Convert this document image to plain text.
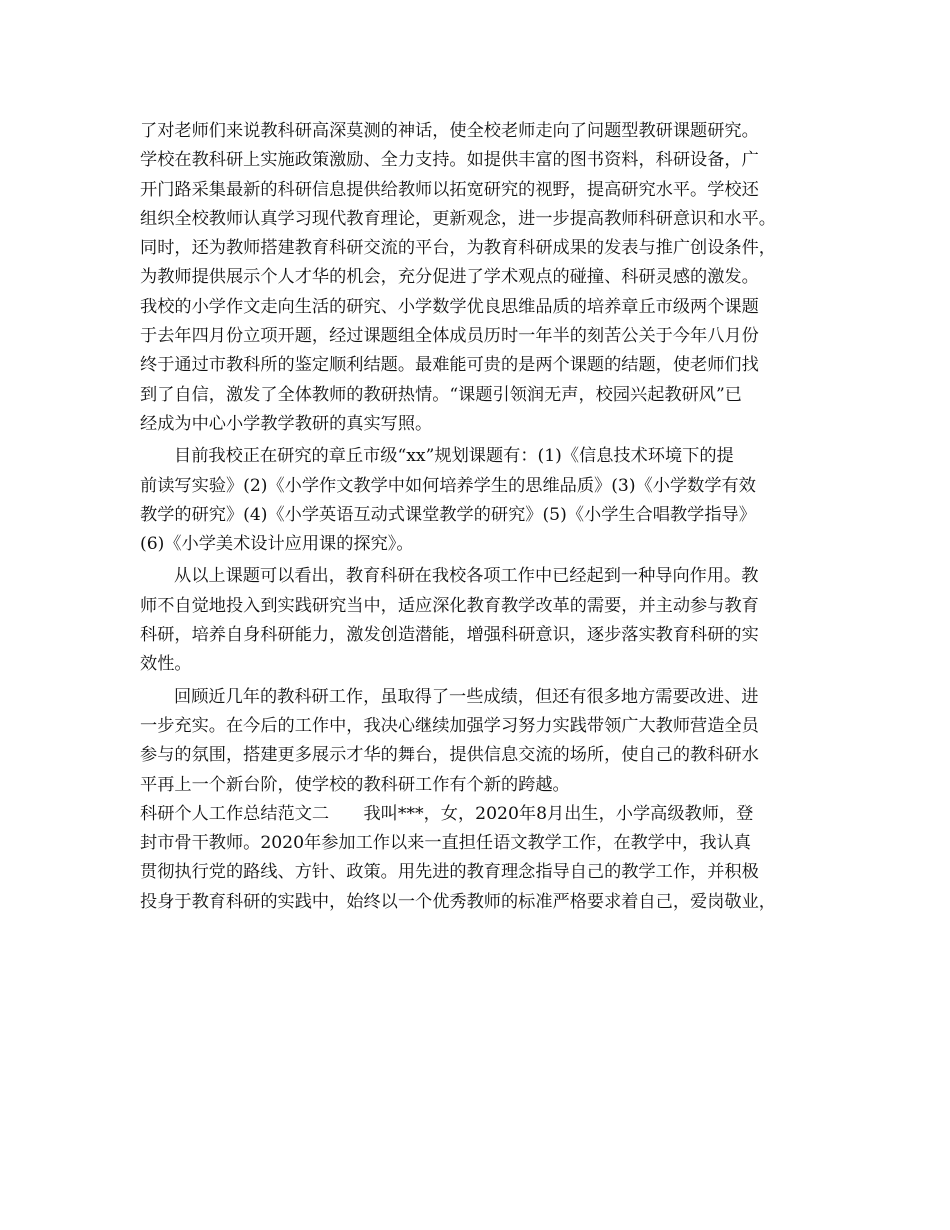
了对老师们来说教科研高深莫测的神话，使全校老师走向了问题型教研课题研究。
学校在教科研上实施政策激励、全力支持。如提供丰富的图书资料，科研设备，广
开门路采集最新的科研信息提供给教师以拓宽研究的视野，提高研究水平。学校还
组织全校教师认真学习现代教育理论，更新观念，进一步提高教师科研意识和水平。
同时，还为教师搭建教育科研交流的平台，为教育科研成果的发表与推广创设条件，
为教师提供展示个人才华的机会，充分促进了学术观点的碰撞、科研灵感的激发。
我校的小学作文走向生活的研究、小学数学优良思维品质的培养章丘市级两个课题
于去年四月份立项开题，经过课题组全体成员历时一年半的刻苦公关于今年八月份
终于通过市教科所的鉴定顺利结题。最难能可贵的是两个课题的结题，使老师们找
到了自信，激发了全体教师的教研热情。“课题引领润无声，校园兴起教研风”已
经成为中心小学教学教研的真实写照。
目前我校正在研究的章丘市级“xx”规划课题有：(1)《信息技术环境下的提
前读写实验》(2)《小学作文教学中如何培养学生的思维品质》(3)《小学数学有效
教学的研究》(4)《小学英语互动式课堂教学的研究》(5)《小学生合唱教学指导》
(6)《小学美术设计应用课的探究》。
从以上课题可以看出，教育科研在我校各项工作中已经起到一种导向作用。教
师不自觉地投入到实践研究当中，适应深化教育教学改革的需要，并主动参与教育
科研，培养自身科研能力，激发创造潜能，增强科研意识，逐步落实教育科研的实
效性。
回顾近几年的教科研工作，虽取得了一些成绩，但还有很多地方需要改进、进
一步充实。在今后的工作中，我决心继续加强学习努力实践带领广大教师营造全员
参与的氛围，搭建更多展示才华的舞台，提供信息交流的场所，使自己的教科研水
平再上一个新台阶，使学校的教科研工作有个新的跨越。
科研个人工作总结范文二　　我叫***，女，2020年8月出生，小学高级教师，登
封市骨干教师。2020年参加工作以来一直担任语文教学工作，在教学中，我认真
贯彻执行党的路线、方针、政策。用先进的教育理念指导自己的教学工作，并积极
投身于教育科研的实践中，始终以一个优秀教师的标准严格要求着自己，爱岗敬业，
